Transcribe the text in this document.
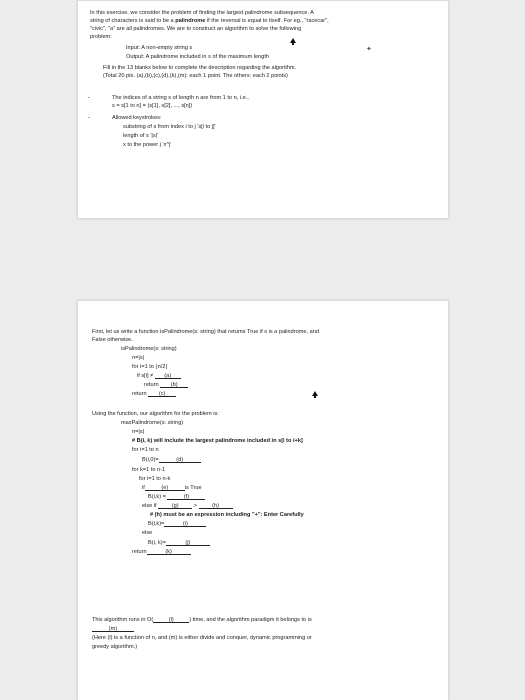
In this exercise, we consider the problem of finding the largest palindrome subsequence. A
string of characters is said to be a palindrome if the reversal is equal to itself. For eg., "racecar",
"civic", "a" are all palindromes. We are to construct an algorithm to solve the following
problem:
Input: A non-empty string s
Output: A palindrome included in s of the maximum length
Fill in the 13 blanks below to complete the description regarding the algorithm.
(Total 20 pts. (a),(b),(c),(d),(k),(m): each 1 point. The others: each 2 points)
✦
-	The indices of a string s of length n are from 1 to n, i.e.,
s = s[1 to n] = (s[1], s[2], ..., s[n])
-	Allowed keystrokes:
substring of s from index i to j 's[i to j]'
length of s '|s|'
x to the power j 'x^j'
First, let us write a function isPalindrome(s: string) that returns True if s is a palindrome, and
False otherwise.
isPalindrome(s: string)
n=|s|
for i=1 to ⌊n/2⌋
if s[i] ≠ (a)
return (b)
return (c)
Using the function, our algorithm for the problem is:
maxPalindrome(s: string)
n=|s|
# B(i, k) will include the largest palindrome included in s[i to i+k]
for i=1 to n
B(i,0)=	(d)
for k=1 to n-1
for i=1 to n-k
if	(e)	is True
B(i,k) =	(f)
else if	(g)	>	(h)
# (h) must be an expression including "+": Enter Carefully
B(i,k)=	(i)
else
B(i, k)=	(j)
return	(k)
This algorithm runs in O(	(l)	) time, and the algorithm paradigm it belongs to is
(m)
(Here (l) is a function of n, and (m) is either divide and conquer, dynamic programming or
greedy algorithm.)
